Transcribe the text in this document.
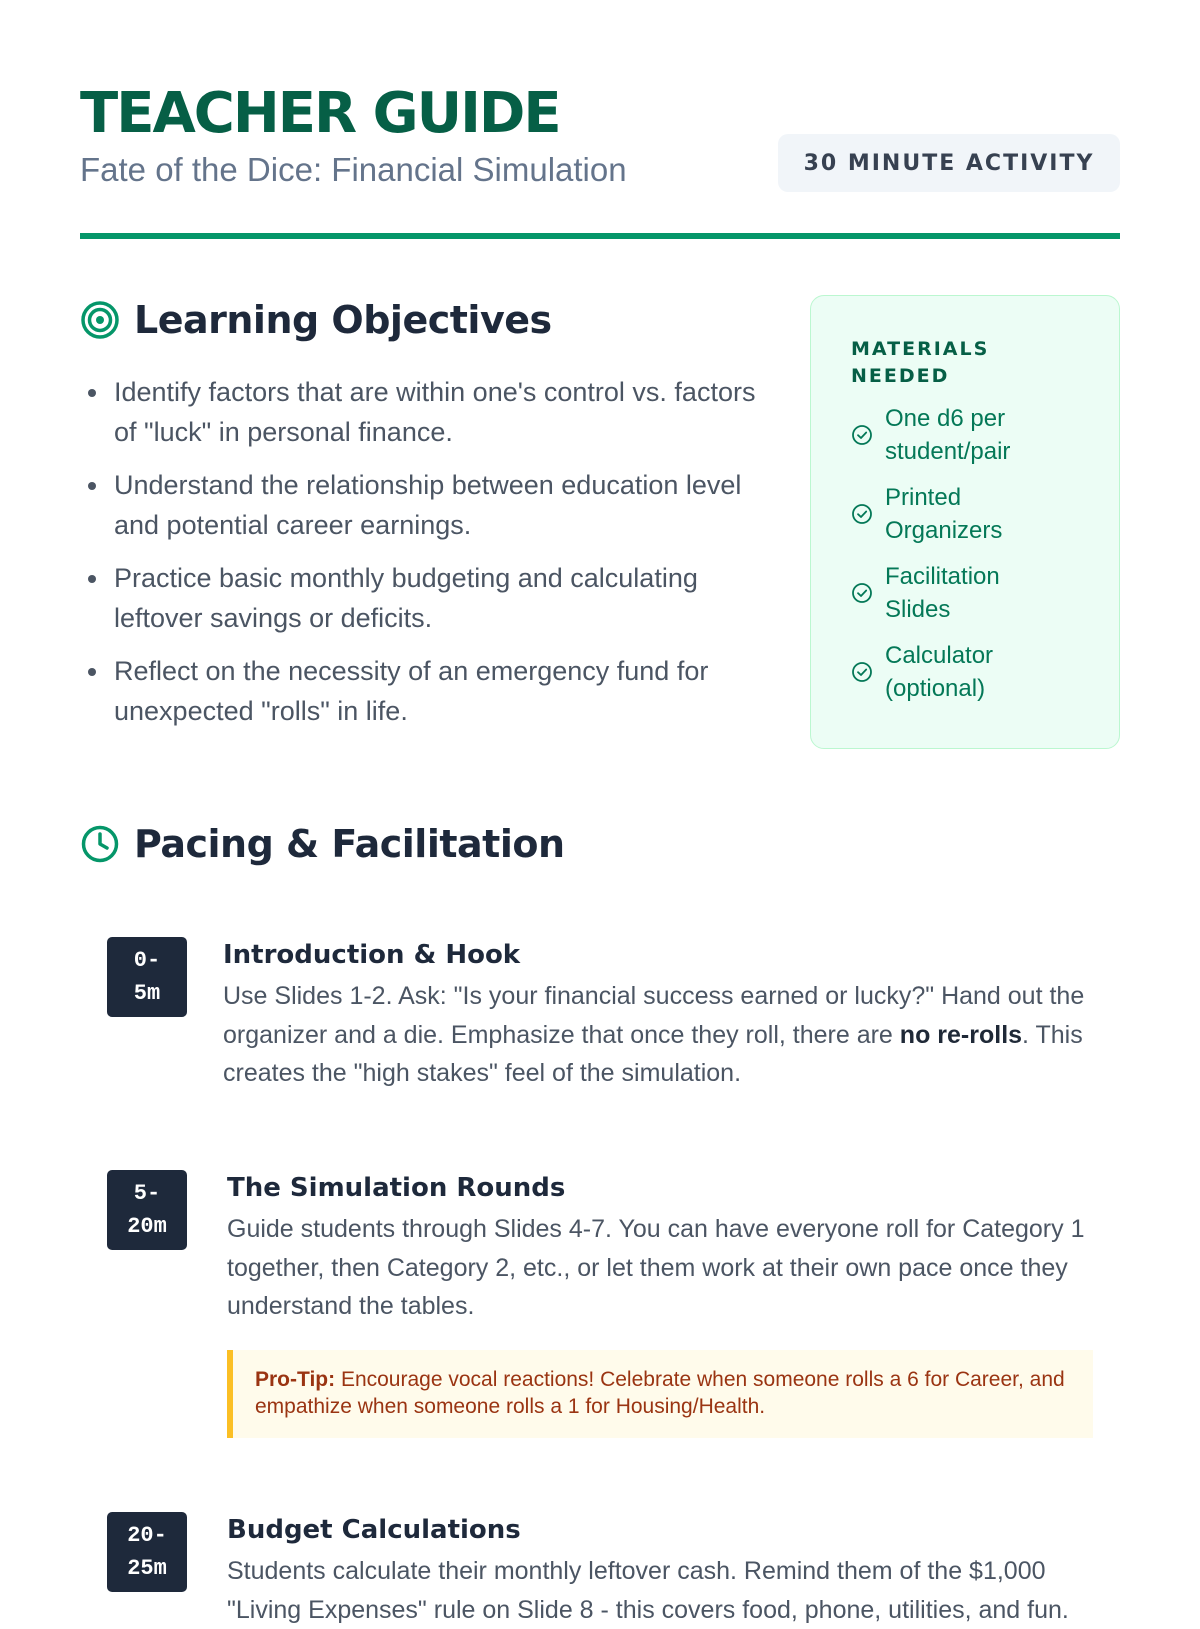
TEACHER GUIDE
Fate of the Dice: Financial Simulation	30 MINUTE ACTIVITY
Learning Objectives
Identify factors that are within one's control vs. factors of "luck" in personal finance.
Understand the relationship between education level and potential career earnings.
Practice basic monthly budgeting and calculating leftover savings or deficits.
Reflect on the necessity of an emergency fund for unexpected "rolls" in life.
MATERIALS NEEDED
One d6 per student/pair
Printed Organizers
Facilitation Slides
Calculator (optional)
Pacing & Facilitation
0-
5m
Introduction & Hook

Use Slides 1-2. Ask: "Is your financial success earned or lucky?" Hand out the organizer and a die. Emphasize that once they roll, there are no re-rolls. This creates the "high stakes" feel of the simulation.

5-
20m
The Simulation Rounds

Guide students through Slides 4-7. You can have everyone roll for Category 1 together, then Category 2, etc., or let them work at their own pace once they understand the tables.

Pro-Tip: Encourage vocal reactions! Celebrate when someone rolls a 6 for Career, and empathize when someone rolls a 1 for Housing/Health.
20-
25m
Budget Calculations

Students calculate their monthly leftover cash. Remind them of the $1,000 "Living Expenses" rule on Slide 8 - this covers food, phone, utilities, and fun.
